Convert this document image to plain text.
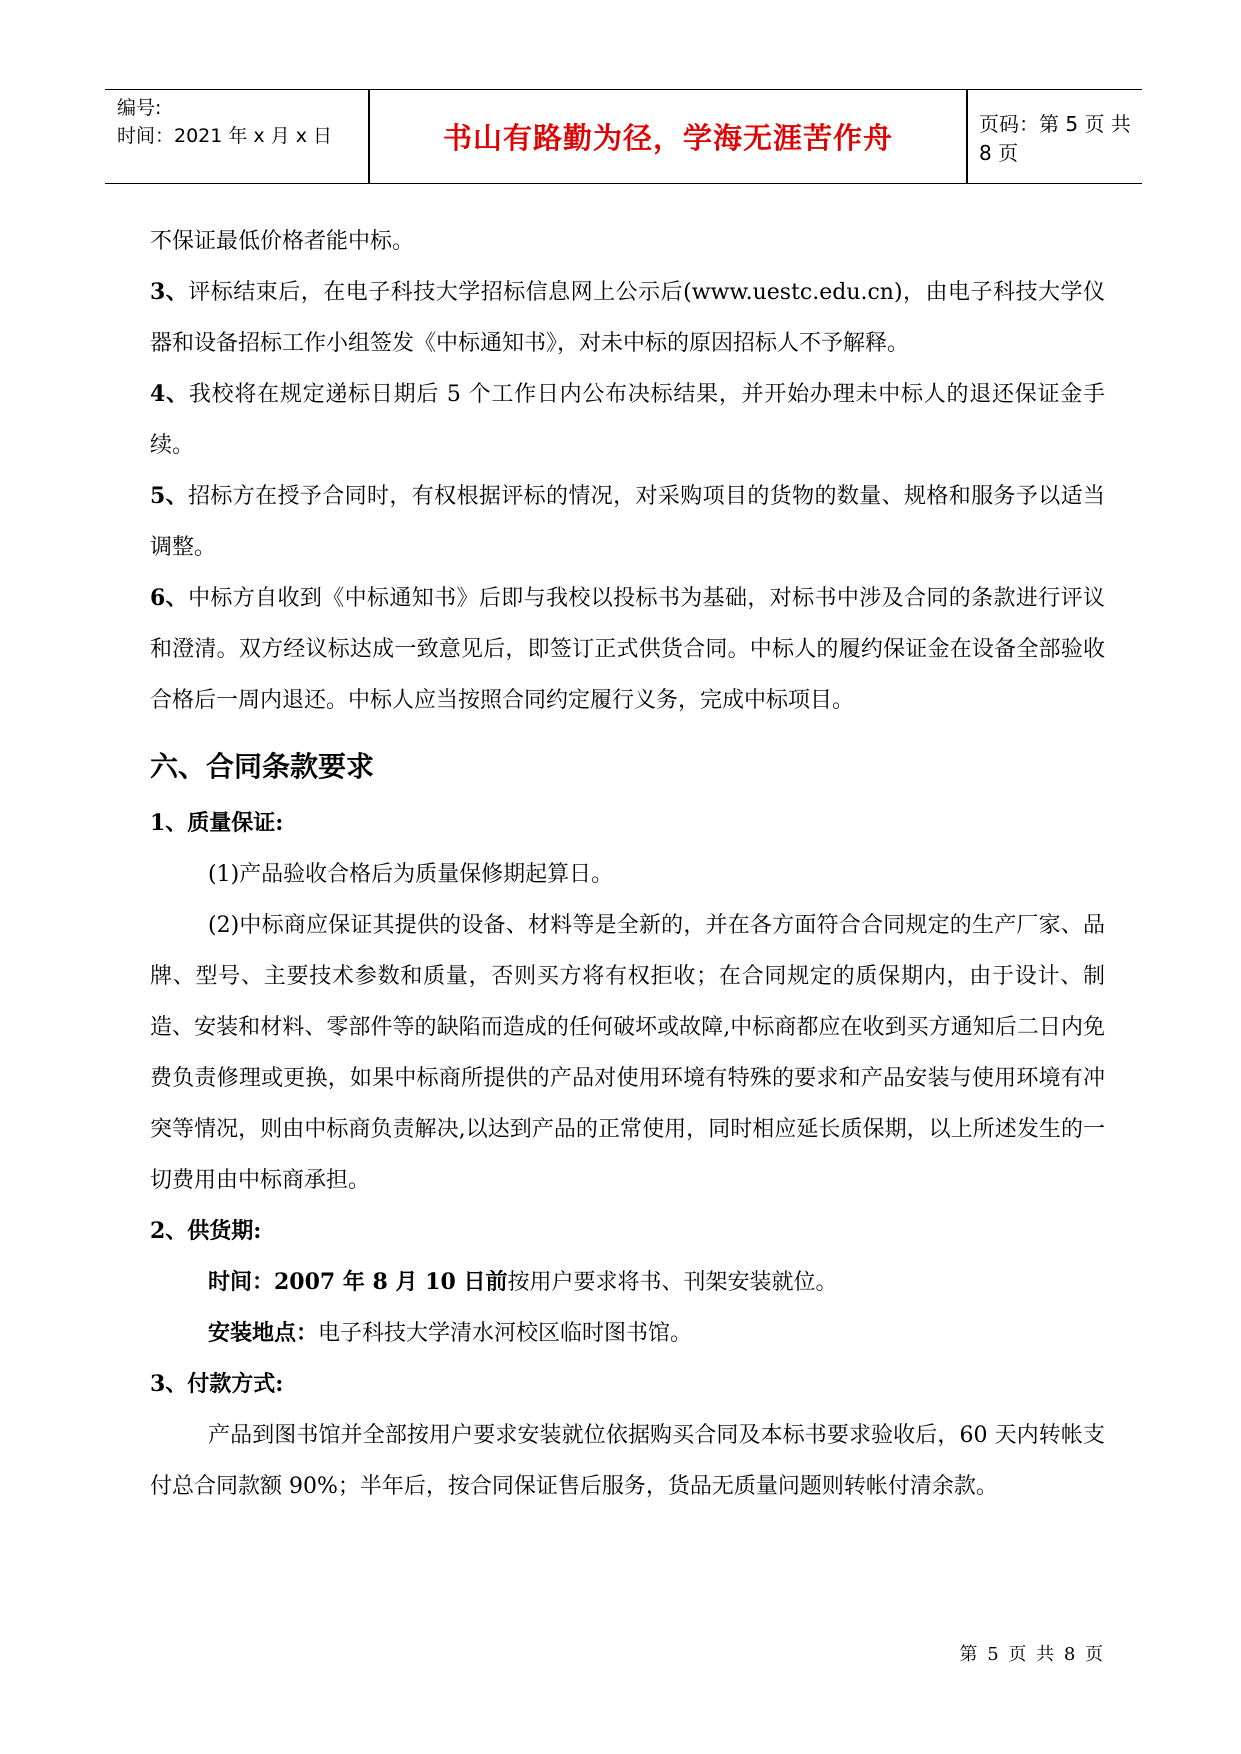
编号:
时间：2021 年 x 月 x 日	书山有路勤为径，学海无涯苦作舟	页码：第 5 页 共 8 页

不保证最低价格者能中标。

3、评标结束后，在电子科技大学招标信息网上公示后(www.uestc.edu.cn)，由电子科技大学仪器和设备招标工作小组签发《中标通知书》，对未中标的原因招标人不予解释。

4、我校将在规定递标日期后 5 个工作日内公布决标结果，并开始办理未中标人的退还保证金手续。

5、招标方在授予合同时，有权根据评标的情况，对采购项目的货物的数量、规格和服务予以适当调整。

6、中标方自收到《中标通知书》后即与我校以投标书为基础，对标书中涉及合同的条款进行评议和澄清。双方经议标达成一致意见后，即签订正式供货合同。中标人的履约保证金在设备全部验收合格后一周内退还。中标人应当按照合同约定履行义务，完成中标项目。

六、合同条款要求

1、质量保证:

(1)产品验收合格后为质量保修期起算日。

(2)中标商应保证其提供的设备、材料等是全新的，并在各方面符合合同规定的生产厂家、品牌、型号、主要技术参数和质量，否则买方将有权拒收；在合同规定的质保期内，由于设计、制造、安装和材料、零部件等的缺陷而造成的任何破坏或故障,中标商都应在收到买方通知后二日内免费负责修理或更换，如果中标商所提供的产品对使用环境有特殊的要求和产品安装与使用环境有冲突等情况，则由中标商负责解决,以达到产品的正常使用，同时相应延长质保期，以上所述发生的一切费用由中标商承担。

2、供货期:

时间：2007 年 8 月 10 日前按用户要求将书、刊架安装就位。

安装地点：电子科技大学清水河校区临时图书馆。

3、付款方式:

产品到图书馆并全部按用户要求安装就位依据购买合同及本标书要求验收后，60 天内转帐支付总合同款额 90%；半年后，按合同保证售后服务，货品无质量问题则转帐付清余款。

第 5 页 共 8 页
